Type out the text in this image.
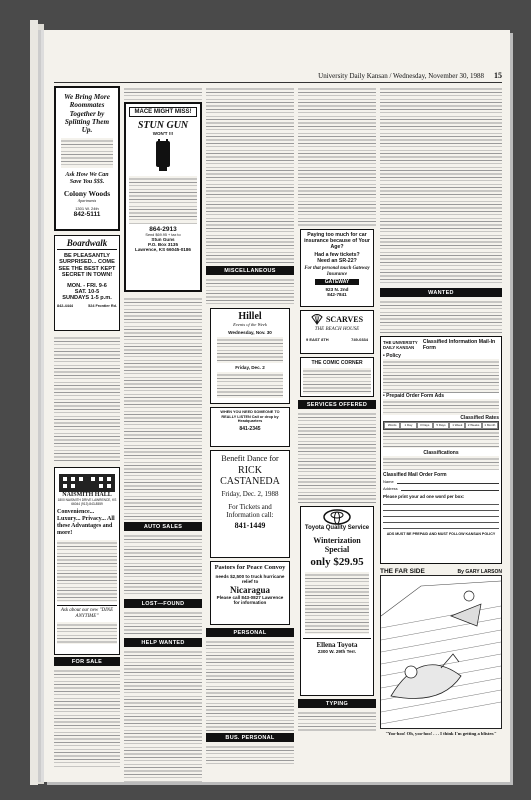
University Daily Kansan / Wednesday, November 30, 1988 15
We Bring More Roommates Together by Splitting Them Up.
Ask How We Can Save You $$$.
Colony Woods
Apartments
1301 W. 24th
842-5111
Boardwalk
BE PLEASANTLY SURPRISED... COME SEE THE BEST KEPT SECRET IN TOWN!
MON. - FRI. 9-6
SAT. 10-5
SUNDAYS 1-5 p.m.
842-4444	524 Frontier Rd.
NAISMITH HALL
1800 NAISMITH DRIVE LAWRENCE, KS 66044 (913) 843-8559
Convenience... Luxury... Privacy... All these Advantages and more!
Ask about our new "DINE ANYTIME"
FOR SALE
MACE MIGHT MISS!
STUN GUN
WON'T !!!
864-2913
Send $69.95 + tax to
Stun Guns
P.O. Box 3135
Lawrence, KS 66045-0186
AUTO SALES
LOST—FOUND
HELP WANTED
MISCELLANEOUS
Hillel
Events of the Week
Wednesday, Nov. 30
Friday, Dec. 2
WHEN YOU NEED SOMEONE TO REALLY LISTEN Call or drop by Headquarters
841-2345
Benefit Dance for
RICK CASTANEDA
Friday, Dec. 2, 1988
For Tickets and Information call:
841-1449
Pastors for Peace Convoy
needs $2,500 to truck hurricane relief to
Nicaragua
Please call 843-0827 Lawrence for information
PERSONAL
BUS. PERSONAL
Paying too much for car insurance because of Your Age?
Had a few tickets?
Need an SR-22?
For that personal touch Gateway Insurance
GATEWAY
923 N. 2nd
842-7841
SCARVES
THE BEACH HOUSE
9 EAST 8TH	749-0334
THE COMIC CORNER
SERVICES OFFERED
Toyota Quality Service
Winterization Special
only $29.95
Ellena Toyota
2300 W. 29th Terr.
TYPING
WANTED
THE UNIVERSITY DAILY KANSAN
Classified Information Mail-In Form
• Policy
• Prepaid Order Form Ads
Classified Rates
Words	1 Day	3 Days	5 Days	1 Week	2 Weeks	1 Month
Classifications
Classified Mail Order Form
Name
Address
Please print your ad one word per box:
ADS MUST BE PREPAID AND MUST FOLLOW KANSAN POLICY
THE FAR SIDE	By GARY LARSON
"Yoo-hoo! Oh, yoo-hoo! . . . I think I'm getting a blister."
